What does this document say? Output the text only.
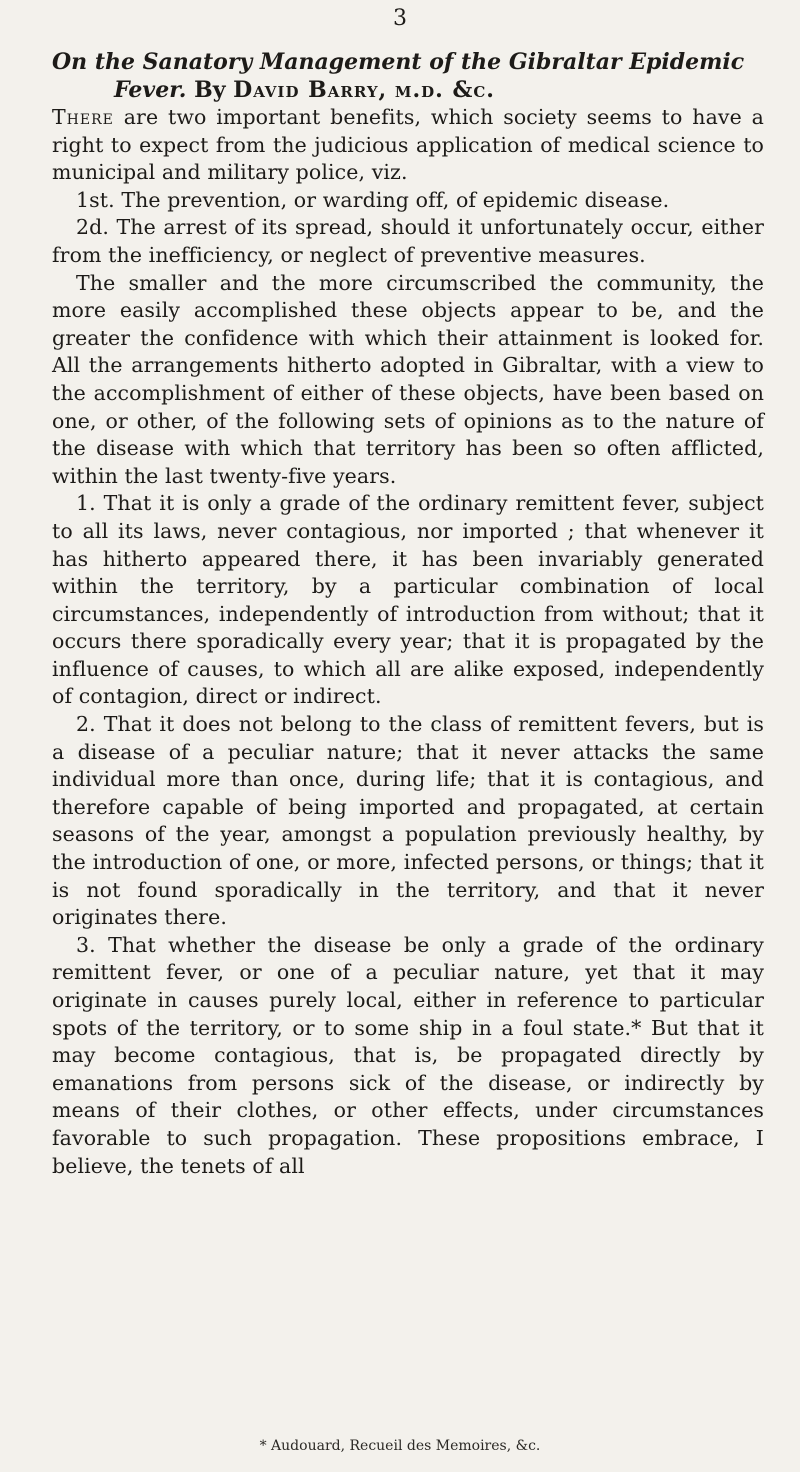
3
On the Sanatory Management of the Gibraltar Epidemic
Fever. By David Barry, m.d. &c.

There are two important benefits, which society seems to have a right to expect from the judicious application of medical science to municipal and military police, viz.

1st. The prevention, or warding off, of epidemic disease.

2d. The arrest of its spread, should it unfortunately occur, either from the inefficiency, or neglect of preventive measures.

The smaller and the more circumscribed the community, the more easily accomplished these objects appear to be, and the greater the confidence with which their attainment is looked for. All the arrangements hitherto adopted in Gibraltar, with a view to the accomplishment of either of these objects, have been based on one, or other, of the following sets of opinions as to the nature of the disease with which that territory has been so often afflicted, within the last twenty-five years.

1. That it is only a grade of the ordinary remittent fever, subject to all its laws, never contagious, nor imported ; that whenever it has hitherto appeared there, it has been invariably generated within the territory, by a particular combination of local circumstances, independently of introduction from without; that it occurs there sporadically every year; that it is propagated by the influence of causes, to which all are alike exposed, independently of contagion, direct or indirect.

2. That it does not belong to the class of remittent fevers, but is a disease of a peculiar nature; that it never attacks the same individual more than once, during life; that it is contagious, and therefore capable of being imported and propagated, at certain seasons of the year, amongst a population previously healthy, by the introduction of one, or more, infected persons, or things; that it is not found sporadically in the territory, and that it never originates there.

3. That whether the disease be only a grade of the ordinary remittent fever, or one of a peculiar nature, yet that it may originate in causes purely local, either in reference to particular spots of the territory, or to some ship in a foul state.* But that it may become contagious, that is, be propagated directly by emanations from persons sick of the disease, or indirectly by means of their clothes, or other effects, under circumstances favorable to such propagation. These propositions embrace, I believe, the tenets of all

* Audouard, Recueil des Memoires, &c.
